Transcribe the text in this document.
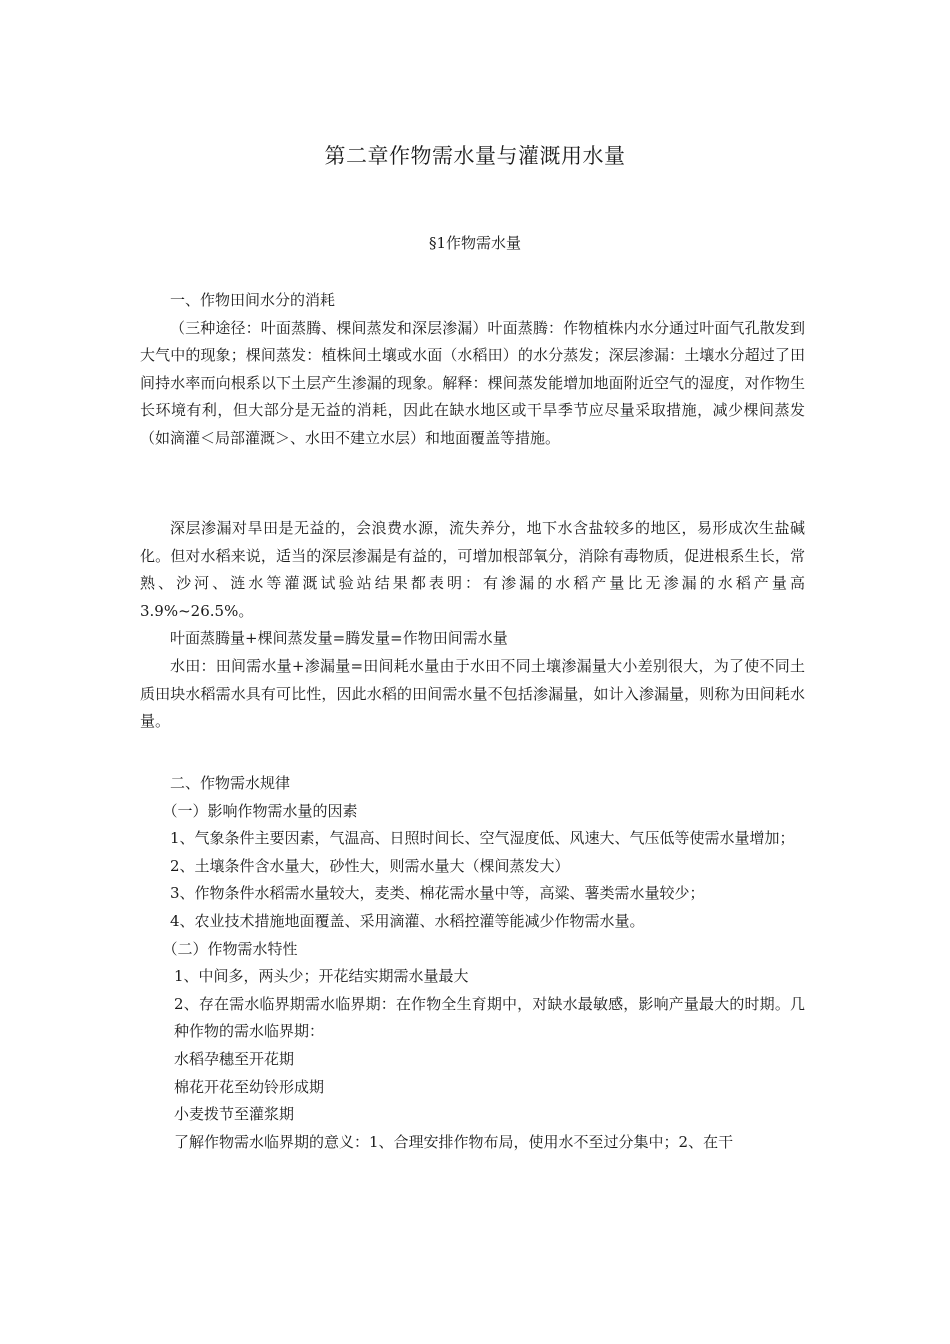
第二章作物需水量与灌溉用水量
§1作物需水量

一、作物田间水分的消耗

（三种途径：叶面蒸腾、棵间蒸发和深层渗漏）叶面蒸腾：作物植株内水分通过叶面气孔散发到大气中的现象；棵间蒸发：植株间土壤或水面（水稻田）的水分蒸发；深层渗漏：土壤水分超过了田间持水率而向根系以下土层产生渗漏的现象。解释：棵间蒸发能增加地面附近空气的湿度，对作物生长环境有利，但大部分是无益的消耗，因此在缺水地区或干旱季节应尽量采取措施，减少棵间蒸发（如滴灌＜局部灌溉＞、水田不建立水层）和地面覆盖等措施。

深层渗漏对旱田是无益的，会浪费水源，流失养分，地下水含盐较多的地区，易形成次生盐碱化。但对水稻来说，适当的深层渗漏是有益的，可增加根部氧分，消除有毒物质，促进根系生长，常熟、沙河、涟水等灌溉试验站结果都表明：有渗漏的水稻产量比无渗漏的水稻产量高3.9%~26.5%。

叶面蒸腾量+棵间蒸发量=腾发量=作物田间需水量

水田：田间需水量+渗漏量=田间耗水量由于水田不同土壤渗漏量大小差别很大，为了使不同土质田块水稻需水具有可比性，因此水稻的田间需水量不包括渗漏量，如计入渗漏量，则称为田间耗水量。

二、作物需水规律

（一）影响作物需水量的因素

1、气象条件主要因素，气温高、日照时间长、空气湿度低、风速大、气压低等使需水量增加；

2、土壤条件含水量大，砂性大，则需水量大（棵间蒸发大）

3、作物条件水稻需水量较大，麦类、棉花需水量中等，高粱、薯类需水量较少；

4、农业技术措施地面覆盖、采用滴灌、水稻控灌等能减少作物需水量。

（二）作物需水特性

1、中间多，两头少；开花结实期需水量最大

2、存在需水临界期需水临界期：在作物全生育期中，对缺水最敏感，影响产量最大的时期。几种作物的需水临界期：

水稻孕穗至开花期

棉花开花至幼铃形成期

小麦拨节至灌浆期

了解作物需水临界期的意义：1、合理安排作物布局，使用水不至过分集中；2、在干
